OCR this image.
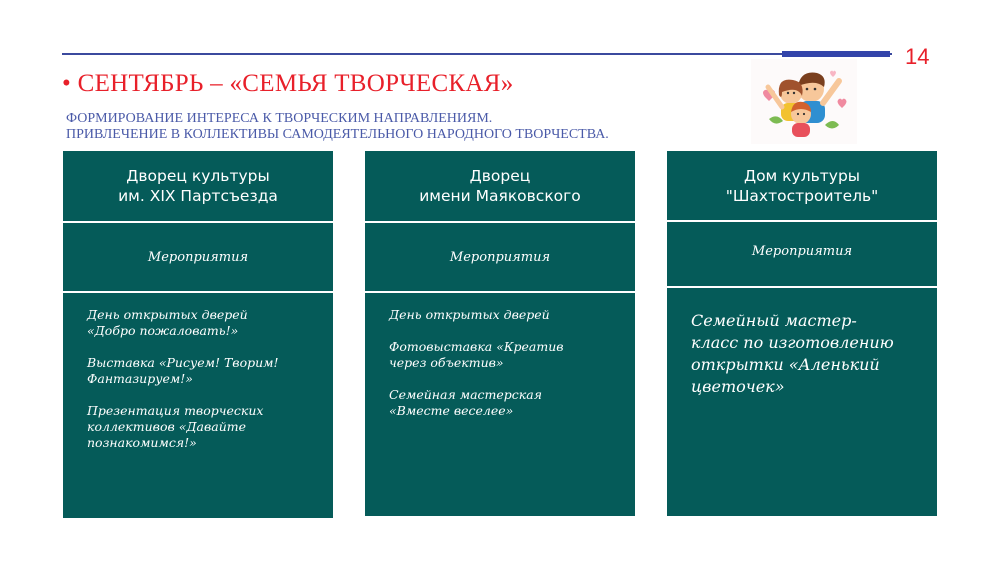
14
• СЕНТЯБРЬ – «СЕМЬЯ ТВОРЧЕСКАЯ»
ФОРМИРОВАНИЕ ИНТЕРЕСА К ТВОРЧЕСКИМ НАПРАВЛЕНИЯМ.
ПРИВЛЕЧЕНИЕ В КОЛЛЕКТИВЫ САМОДЕЯТЕЛЬНОГО НАРОДНОГО ТВОРЧЕСТВА.
Дворец культуры
им. XIX Партсъезда
Мероприятия
День открытых дверей
«Добро пожаловать!»
Выставка «Рисуем! Творим!
Фантазируем!»
Презентация творческих
коллективов «Давайте
познакомимся!»
Дворец
имени Маяковского
Мероприятия
День открытых дверей
Фотовыставка «Креатив
через объектив»
Семейная мастерская
«Вместе веселее»
Дом культуры
"Шахтостроитель"
Мероприятия
Семейный мастер-
класс по изготовлению
открытки «Аленький
цветочек»
